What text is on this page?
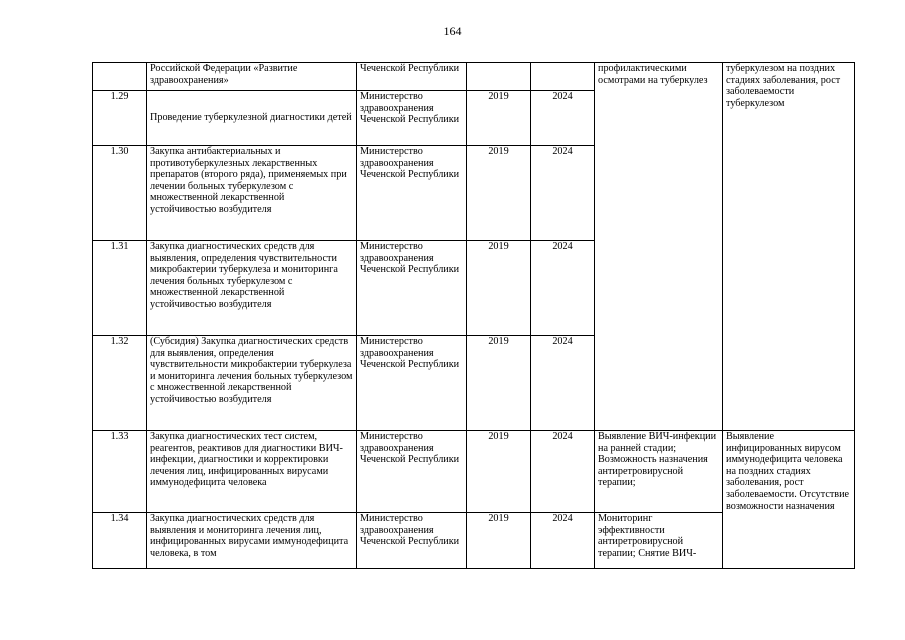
164
	Российской Федерации «Развитие здравоохранения»	Чеченской Республики			профилактическими осмотрами на туберкулез	туберкулезом на поздних стадиях заболевания, рост заболеваемости туберкулезом
1.29	Проведение туберкулезной диагностики детей	Министерство здравоохранения Чеченской Республики	2019	2024		
1.30	Закупка антибактериальных и противотуберкулезных лекарственных препаратов (второго ряда), применяемых при лечении больных туберкулезом с множественной лекарственной устойчивостью возбудителя	Министерство здравоохранения Чеченской Республики	2019	2024		
1.31	Закупка диагностических средств для выявления, определения чувствительности микробактерии туберкулеза и мониторинга лечения больных туберкулезом с множественной лекарственной устойчивостью возбудителя	Министерство здравоохранения Чеченской Республики	2019	2024		
1.32	(Субсидия) Закупка диагностических средств для выявления, определения чувствительности микробактерии туберкулеза и мониторинга лечения больных туберкулезом с множественной лекарственной устойчивостью возбудителя	Министерство здравоохранения Чеченской Республики	2019	2024		
1.33	Закупка диагностических тест систем, реагентов, реактивов для диагностики ВИЧ-инфекции, диагностики и корректировки лечения лиц, инфицированных вирусами иммунодефицита человека	Министерство здравоохранения Чеченской Республики	2019	2024	Выявление ВИЧ-инфекции на ранней стадии; Возможность назначения антиретровирусной терапии;	Выявление инфицированных вирусом иммунодефицита человека на поздних стадиях заболевания, рост заболеваемости. Отсутствие возможности назначения
1.34	Закупка диагностических средств для выявления и мониторинга лечения лиц, инфицированных вирусами иммунодефицита человека, в том	Министерство здравоохранения Чеченской Республики	2019	2024	Мониторинг эффективности антиретровирусной терапии; Снятие ВИЧ-	
